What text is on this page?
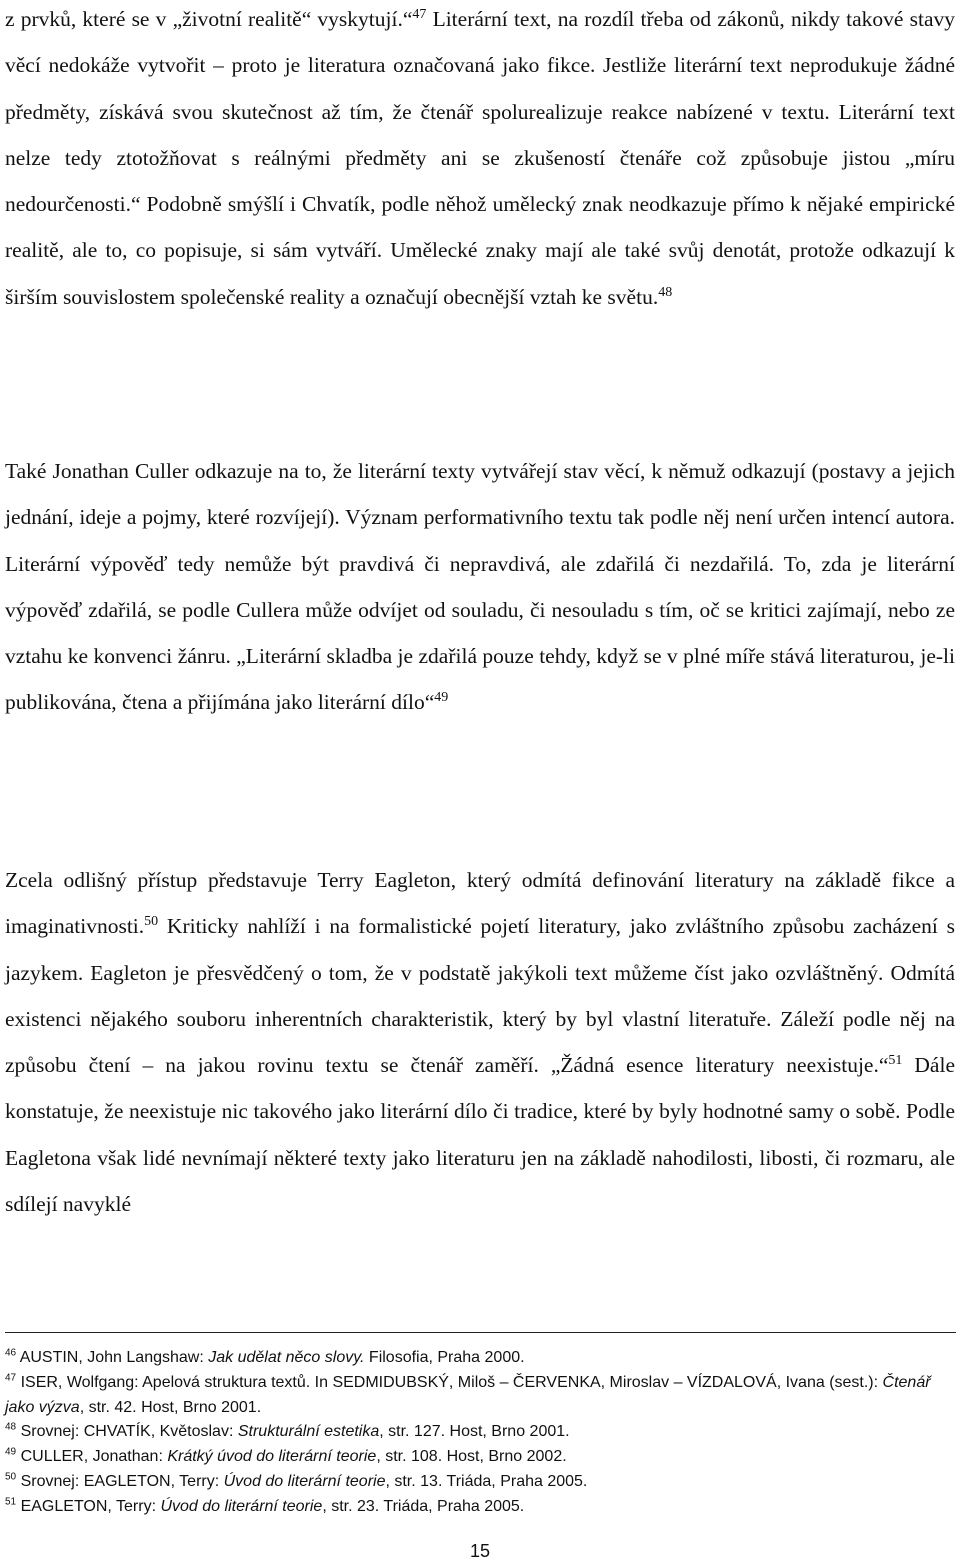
z prvků, které se v „životní realitě“ vyskytují.“$^{47}$ Literární text, na rozdíl třeba od zákonů, nikdy takové stavy věcí nedokáže vytvořit – proto je literatura označovaná jako fikce. Jestliže literární text neprodukuje žádné předměty, získává svou skutečnost až tím, že čtenář spolurealizuje reakce nabízené v textu. Literární text nelze tedy ztotožňovat s reálnými předměty ani se zkušeností čtenáře což způsobuje jistou „míru nedourčenosti.“ Podobně smýšlí i Chvatík, podle něhož umělecký znak neodkazuje přímo k nějaké empirické realitě, ale to, co popisuje, si sám vytváří. Umělecké znaky mají ale také svůj denotát, protože odkazují k širším souvislostem společenské reality a označují obecnější vztah ke světu.$^{48}$

Také Jonathan Culler odkazuje na to, že literární texty vytvářejí stav věcí, k němuž odkazují (postavy a jejich jednání, ideje a pojmy, které rozvíjejí). Význam performativního textu tak podle něj není určen intencí autora. Literární výpověď tedy nemůže být pravdivá či nepravdivá, ale zdařilá či nezdařilá. To, zda je literární výpověď zdařilá, se podle Cullera může odvíjet od souladu, či nesouladu s tím, oč se kritici zajímají, nebo ze vztahu ke konvenci žánru. „Literární skladba je zdařilá pouze tehdy, když se v plné míře stává literaturou, je-li publikována, čtena a přijímána jako literární dílo“$^{49}$

Zcela odlišný přístup představuje Terry Eagleton, který odmítá definování literatury na základě fikce a imaginativnosti.$^{50}$ Kriticky nahlíží i na formalistické pojetí literatury, jako zvláštního způsobu zacházení s jazykem. Eagleton je přesvědčený o tom, že v podstatě jakýkoli text můžeme číst jako ozvláštněný. Odmítá existenci nějakého souboru inherentních charakteristik, který by byl vlastní literatuře. Záleží podle něj na způsobu čtení – na jakou rovinu textu se čtenář zaměří. „Žádná esence literatury neexistuje.“$^{51}$ Dále konstatuje, že neexistuje nic takového jako literární dílo či tradice, které by byly hodnotné samy o sobě. Podle Eagletona však lidé nevnímají některé texty jako literaturu jen na základě nahodilosti, libosti, či rozmaru, ale sdílejí navyklé

$^{46}$ AUSTIN, John Langshaw: Jak udělat něco slovy. Filosofia, Praha 2000.

$^{47}$ ISER, Wolfgang: Apelová struktura textů. In SEDMIDUBSKÝ, Miloš – ČERVENKA, Miroslav – VÍZDALOVÁ, Ivana (sest.): Čtenář jako výzva, str. 42. Host, Brno 2001.

$^{48}$ Srovnej: CHVATÍK, Květoslav: Strukturální estetika, str. 127. Host, Brno 2001.

$^{49}$ CULLER, Jonathan: Krátký úvod do literární teorie, str. 108. Host, Brno 2002.

$^{50}$ Srovnej: EAGLETON, Terry: Úvod do literární teorie, str. 13. Triáda, Praha 2005.

$^{51}$ EAGLETON, Terry: Úvod do literární teorie, str. 23. Triáda, Praha 2005.

15
